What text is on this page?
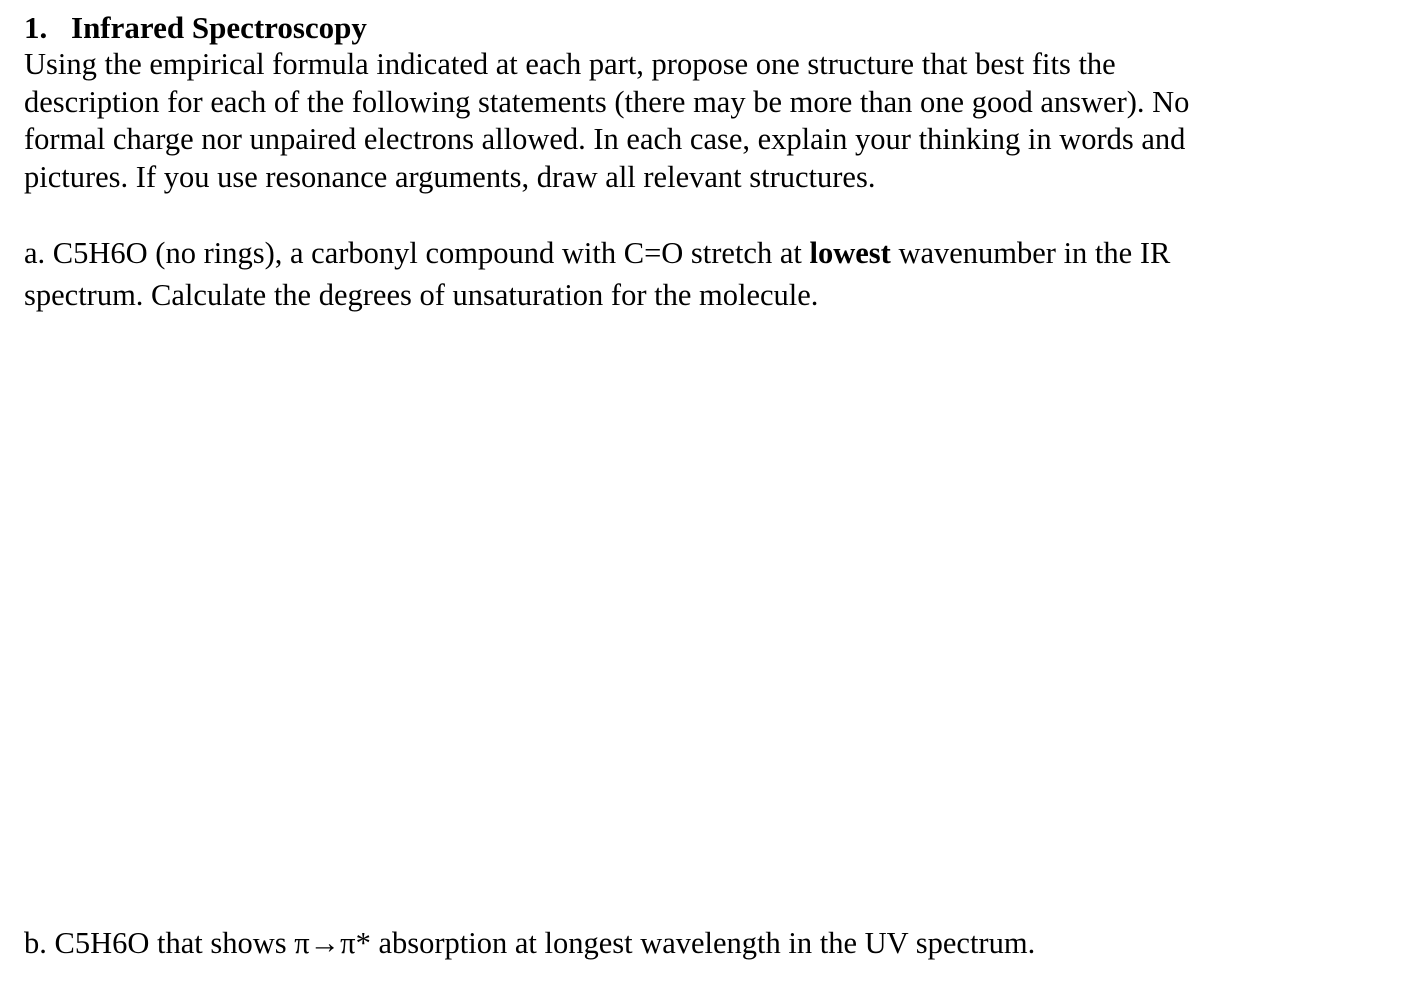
1. Infrared Spectroscopy
Using the empirical formula indicated at each part, propose one structure that best fits the
description for each of the following statements (there may be more than one good answer). No
formal charge nor unpaired electrons allowed. In each case, explain your thinking in words and
pictures. If you use resonance arguments, draw all relevant structures.
a. C5H6O (no rings), a carbonyl compound with C=O stretch at lowest wavenumber in the IR
spectrum. Calculate the degrees of unsaturation for the molecule.
b. C5H6O that shows π→π* absorption at longest wavelength in the UV spectrum.
